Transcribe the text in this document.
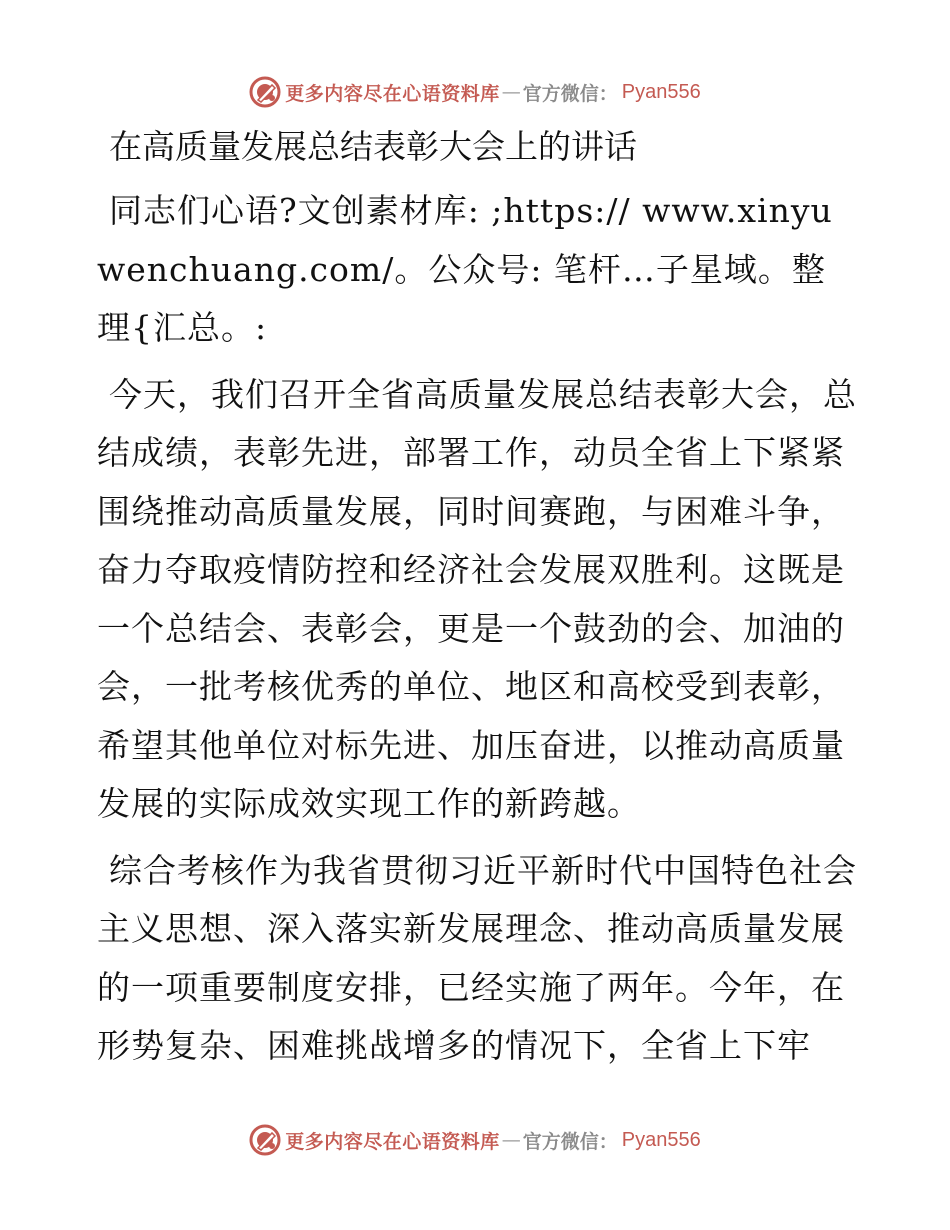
更多内容尽在心语资料库 — 官方微信： Pyan556
在高质量发展总结表彰大会上的讲话

同志们心语?文创素材库: ;https:// www.xinyuwenchuang.com/。公众号: 笔杆…子星域。整理{汇总。:

今天，我们召开全省高质量发展总结表彰大会，总结成绩，表彰先进，部署工作，动员全省上下紧紧围绕推动高质量发展，同时间赛跑，与困难斗争，奋力夺取疫情防控和经济社会发展双胜利。这既是一个总结会、表彰会，更是一个鼓劲的会、加油的会，一批考核优秀的单位、地区和高校受到表彰，希望其他单位对标先进、加压奋进，以推动高质量发展的实际成效实现工作的新跨越。

综合考核作为我省贯彻习近平新时代中国特色社会主义思想、深入落实新发展理念、推动高质量发展的一项重要制度安排，已经实施了两年。今年，在形势复杂、困难挑战增多的情况下，全省上下牢

更多内容尽在心语资料库 — 官方微信： Pyan556
